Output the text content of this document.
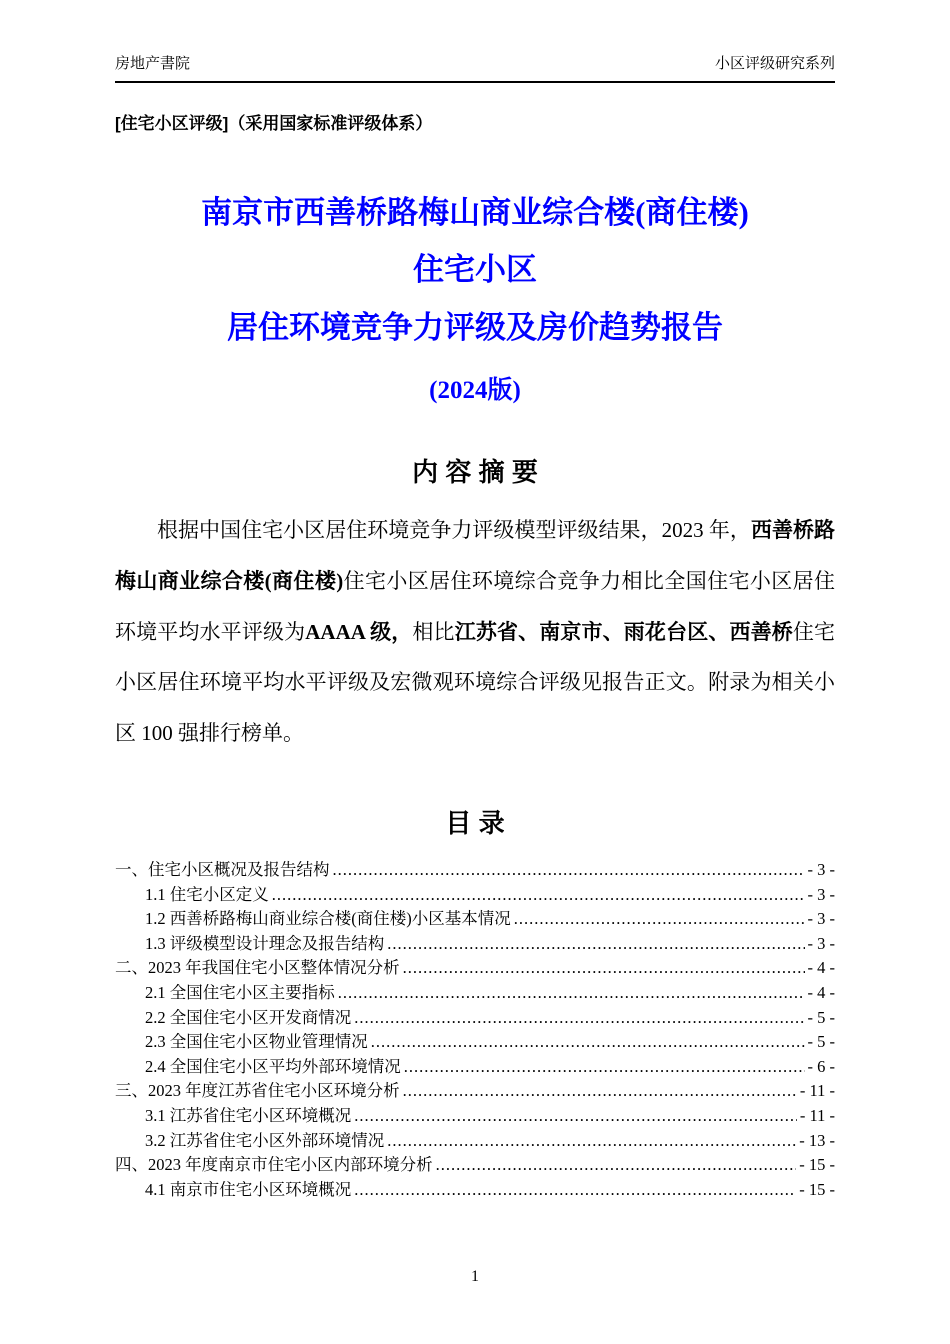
房地产書院	小区评级研究系列
[住宅小区评级]（采用国家标准评级体系）
南京市西善桥路梅山商业综合楼(商住楼)
住宅小区
居住环境竞争力评级及房价趋势报告
(2024版)
内 容 摘 要

根据中国住宅小区居住环境竞争力评级模型评级结果，2023 年，西善桥路梅山商业综合楼(商住楼)住宅小区居住环境综合竞争力相比全国住宅小区居住环境平均水平评级为AAAA 级，相比江苏省、南京市、雨花台区、西善桥住宅小区居住环境平均水平评级及宏微观环境综合评级见报告正文。附录为相关小区 100 强排行榜单。

目 录
一、住宅小区概况及报告结构 .....	- 3 -
1.1 住宅小区定义 .....	- 3 -
1.2 西善桥路梅山商业综合楼(商住楼)小区基本情况 .....	- 3 -
1.3 评级模型设计理念及报告结构 .....	- 3 -
二、2023 年我国住宅小区整体情况分析 .....	- 4 -
2.1 全国住宅小区主要指标 .....	- 4 -
2.2 全国住宅小区开发商情况 .....	- 5 -
2.3 全国住宅小区物业管理情况 .....	- 5 -
2.4 全国住宅小区平均外部环境情况 .....	- 6 -
三、2023 年度江苏省住宅小区环境分析 .....	- 11 -
3.1 江苏省住宅小区环境概况 .....	- 11 -
3.2 江苏省住宅小区外部环境情况 .....	- 13 -
四、2023 年度南京市住宅小区内部环境分析 .....	- 15 -
4.1 南京市住宅小区环境概况 .....	- 15 -
1
